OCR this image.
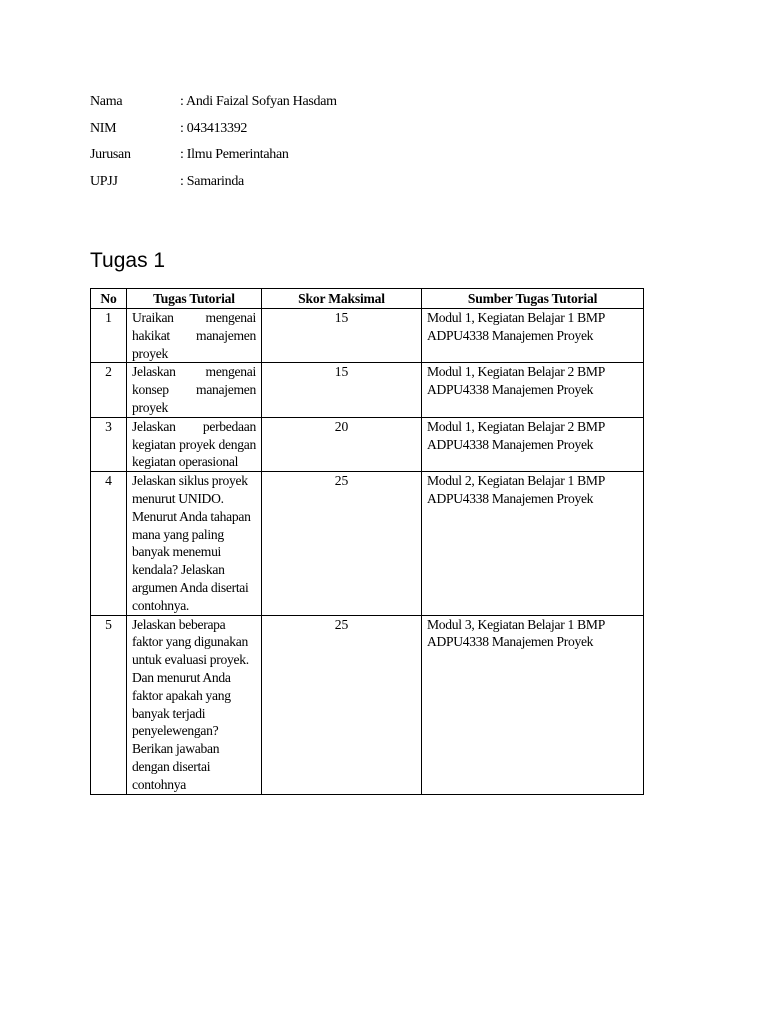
Nama	: Andi Faizal Sofyan Hasdam
NIM	: 043413392
Jurusan	: Ilmu Pemerintahan
UPJJ	: Samarinda
Tugas 1
No	Tugas Tutorial	Skor Maksimal	Sumber Tugas Tutorial
1	Uraikan mengenai hakikat manajemen proyek	15	Modul 1, Kegiatan Belajar 1 BMP ADPU4338 Manajemen Proyek
2	Jelaskan mengenai konsep manajemen proyek	15	Modul 1, Kegiatan Belajar 2 BMP ADPU4338 Manajemen Proyek
3	Jelaskan perbedaan kegiatan proyek dengan kegiatan operasional	20	Modul 1, Kegiatan Belajar 2 BMP ADPU4338 Manajemen Proyek
4	Jelaskan siklus proyek menurut UNIDO. Menurut Anda tahapan mana yang paling banyak menemui kendala? Jelaskan argumen Anda disertai contohnya.	25	Modul 2, Kegiatan Belajar 1 BMP ADPU4338 Manajemen Proyek
5	Jelaskan beberapa faktor yang digunakan untuk evaluasi proyek. Dan menurut Anda faktor apakah yang banyak terjadi penyelewengan? Berikan jawaban dengan disertai contohnya	25	Modul 3, Kegiatan Belajar 1 BMP ADPU4338 Manajemen Proyek
